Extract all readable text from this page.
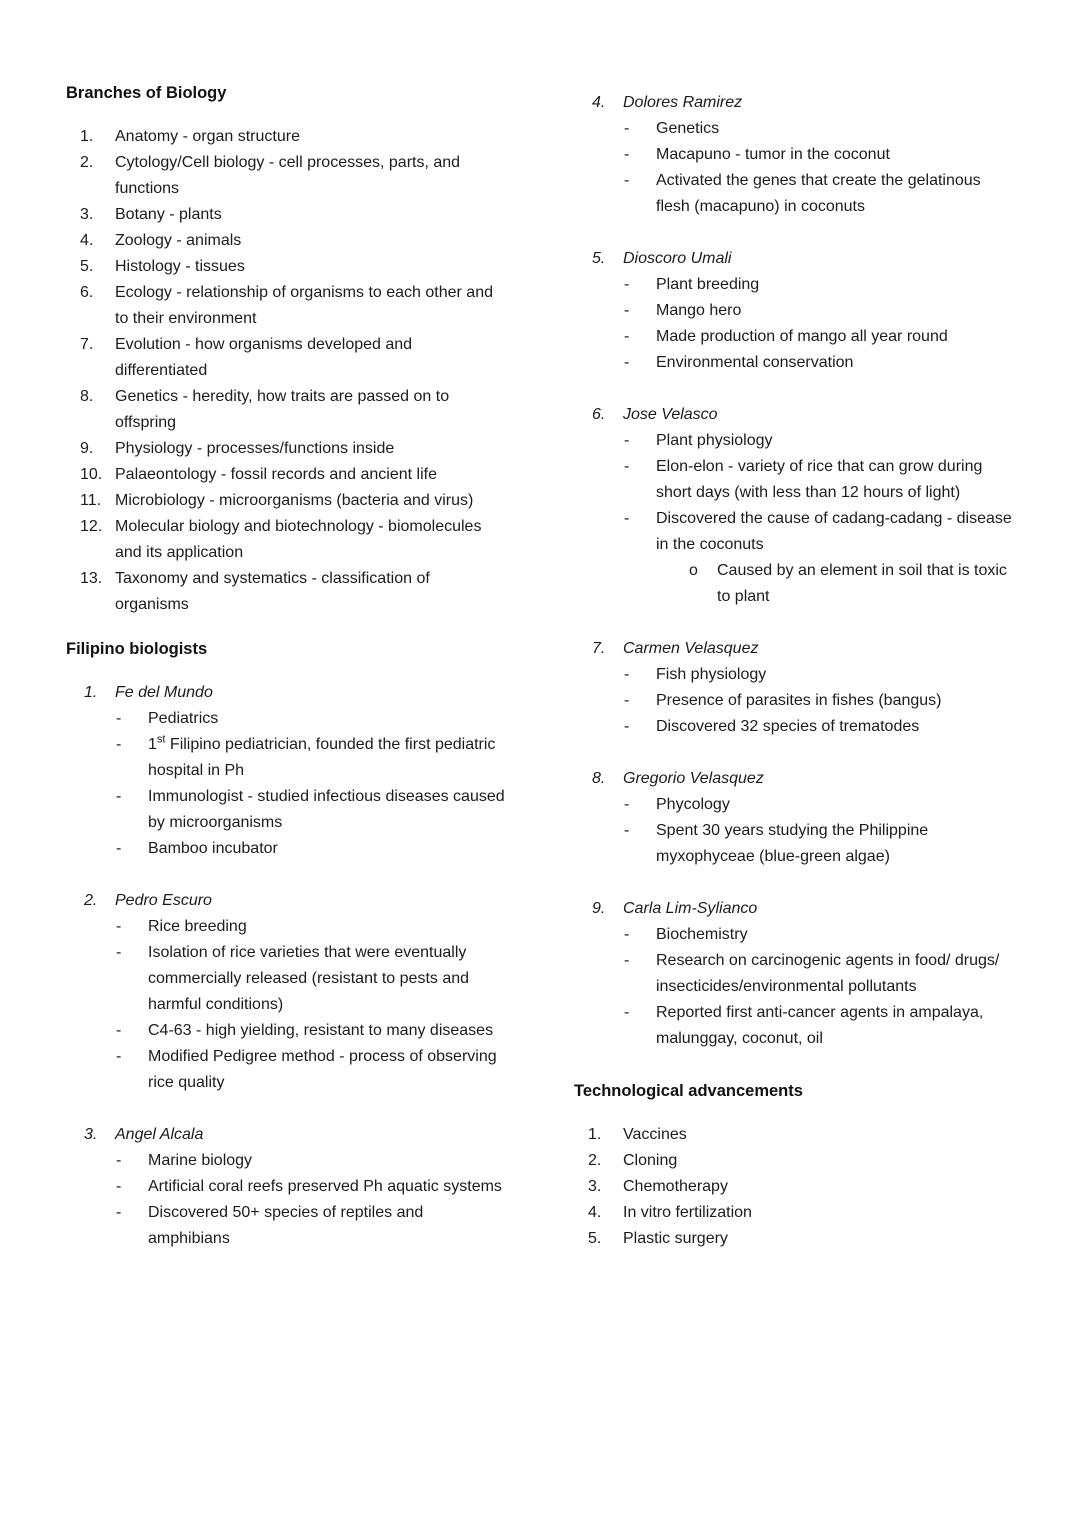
Branches of Biology
1.	Anatomy - organ structure
2.	Cytology/Cell biology - cell processes, parts, and functions
3.	Botany - plants
4.	Zoology - animals
5.	Histology - tissues
6.	Ecology - relationship of organisms to each other and to their environment
7.	Evolution - how organisms developed and differentiated
8.	Genetics - heredity, how traits are passed on to offspring
9.	Physiology - processes/functions inside
10. Palaeontology - fossil records and ancient life
11. Microbiology - microorganisms (bacteria and virus)
12. Molecular biology and biotechnology - biomolecules and its application
13. Taxonomy and systematics - classification of organisms
Filipino biologists
1.	Fe del Mundo
-	Pediatrics
-	1st Filipino pediatrician, founded the first pediatric hospital in Ph
-	Immunologist - studied infectious diseases caused by microorganisms
-	Bamboo incubator
2.	Pedro Escuro
-	Rice breeding
-	Isolation of rice varieties that were eventually commercially released (resistant to pests and harmful conditions)
-	C4-63 - high yielding, resistant to many diseases
-	Modified Pedigree method - process of observing rice quality
3.	Angel Alcala
-	Marine biology
-	Artificial coral reefs preserved Ph aquatic systems
-	Discovered 50+ species of reptiles and amphibians
4.	Dolores Ramirez
-	Genetics
-	Macapuno - tumor in the coconut
-	Activated the genes that create the gelatinous flesh (macapuno) in coconuts
5.	Dioscoro Umali
-	Plant breeding
-	Mango hero
-	Made production of mango all year round
-	Environmental conservation
6.	Jose Velasco
-	Plant physiology
-	Elon-elon - variety of rice that can grow during short days (with less than 12 hours of light)
-	Discovered the cause of cadang-cadang - disease in the coconuts
o	Caused by an element in soil that is toxic to plant
7.	Carmen Velasquez
-	Fish physiology
-	Presence of parasites in fishes (bangus)
-	Discovered 32 species of trematodes
8.	Gregorio Velasquez
-	Phycology
-	Spent 30 years studying the Philippine myxophyceae (blue-green algae)
9.	Carla Lim-Sylianco
-	Biochemistry
-	Research on carcinogenic agents in food/ drugs/ insecticides/environmental pollutants
-	Reported first anti-cancer agents in ampalaya, malunggay, coconut, oil
Technological advancements
1.	Vaccines
2.	Cloning
3.	Chemotherapy
4.	In vitro fertilization
5.	Plastic surgery
